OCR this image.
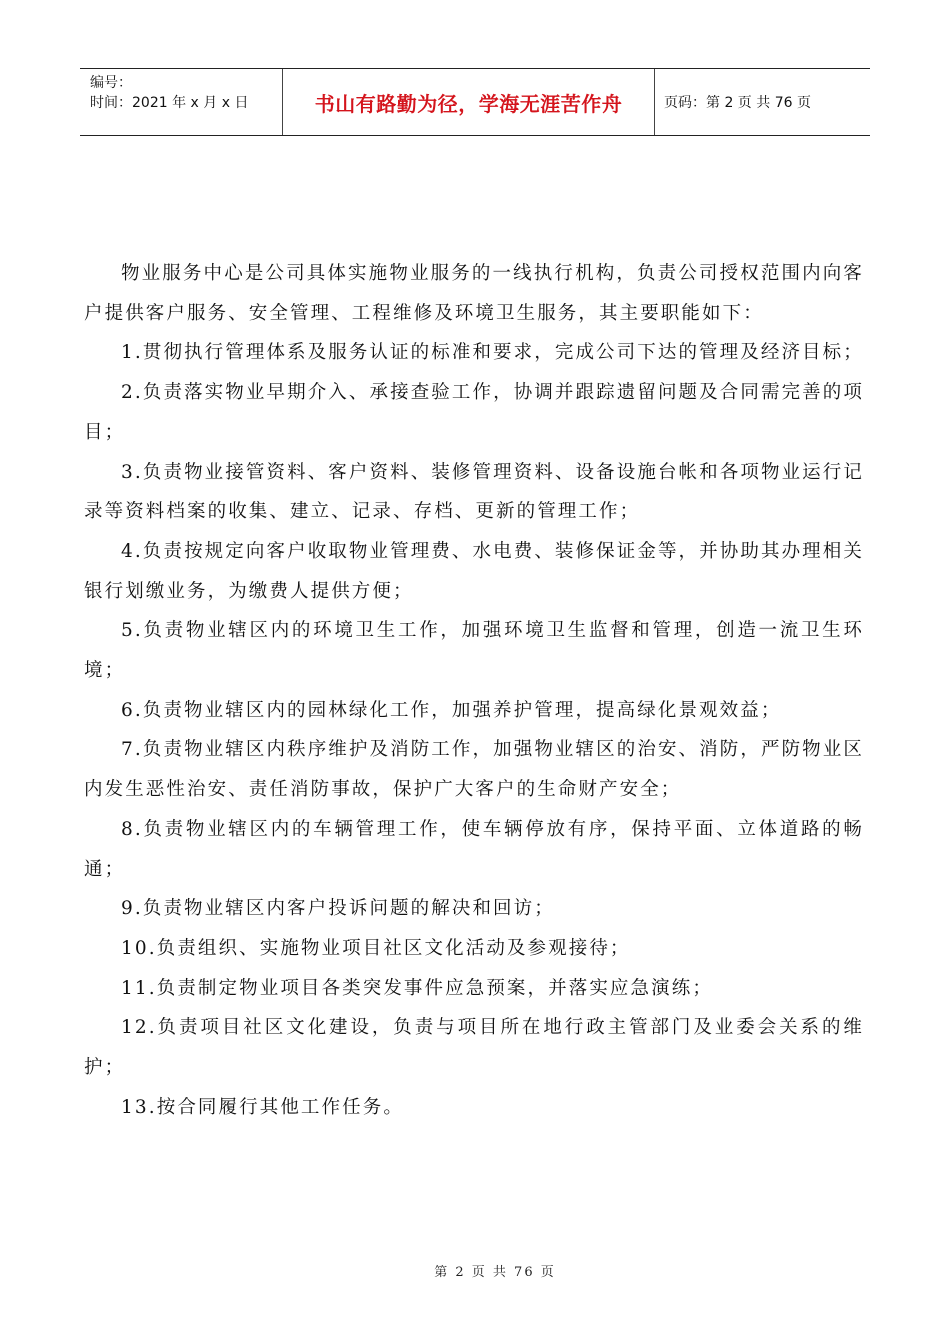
编号：
时间：2021 年 x 月 x 日	书山有路勤为径，学海无涯苦作舟	页码：第 2 页 共 76 页

物业服务中心是公司具体实施物业服务的一线执行机构，负责公司授权范围内向客户提供客户服务、安全管理、工程维修及环境卫生服务，其主要职能如下：

1.贯彻执行管理体系及服务认证的标准和要求，完成公司下达的管理及经济目标；

2.负责落实物业早期介入、承接查验工作，协调并跟踪遗留问题及合同需完善的项目；

3.负责物业接管资料、客户资料、装修管理资料、设备设施台帐和各项物业运行记录等资料档案的收集、建立、记录、存档、更新的管理工作；

4.负责按规定向客户收取物业管理费、水电费、装修保证金等，并协助其办理相关银行划缴业务，为缴费人提供方便；

5.负责物业辖区内的环境卫生工作，加强环境卫生监督和管理，创造一流卫生环境；

6.负责物业辖区内的园林绿化工作，加强养护管理，提高绿化景观效益；

7.负责物业辖区内秩序维护及消防工作，加强物业辖区的治安、消防，严防物业区内发生恶性治安、责任消防事故，保护广大客户的生命财产安全；

8.负责物业辖区内的车辆管理工作，使车辆停放有序，保持平面、立体道路的畅通；

9.负责物业辖区内客户投诉问题的解决和回访；

10.负责组织、实施物业项目社区文化活动及参观接待；

11.负责制定物业项目各类突发事件应急预案，并落实应急演练；

12.负责项目社区文化建设，负责与项目所在地行政主管部门及业委会关系的维护；

13.按合同履行其他工作任务。

第 2 页 共 76 页
